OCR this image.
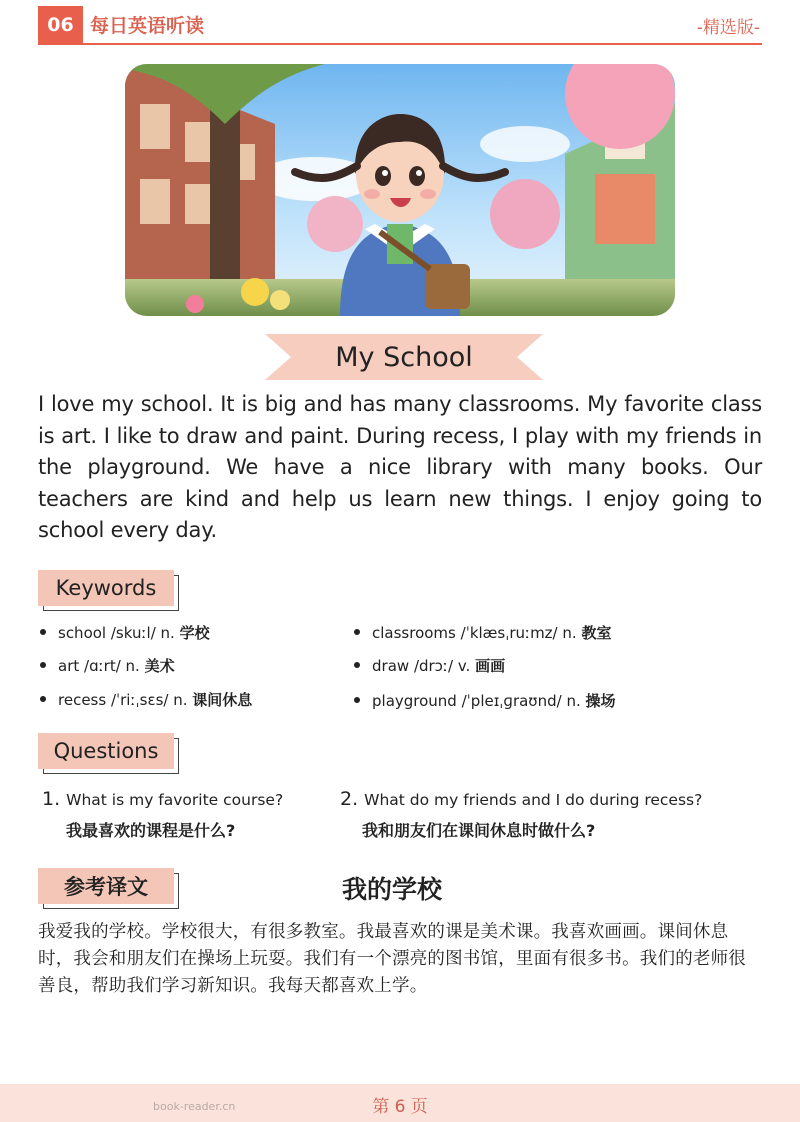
06 每日英语听读	-精选版-
My School
I love my school. It is big and has many classrooms. My favorite class is art. I like to draw and paint. During recess, I play with my friends in the playground. We have a nice library with many books. Our teachers are kind and help us learn new things. I enjoy going to school every day.
Keywords
school /skuːl/ n. 学校	classrooms /ˈklæsˌruːmz/ n. 教室
art /ɑːrt/ n. 美术	draw /drɔː/ v. 画画
recess /ˈriːˌsɛs/ n. 课间休息	playground /ˈpleɪˌɡraʊnd/ n. 操场
Questions
1. What is my favorite course?
我最喜欢的课程是什么?
2. What do my friends and I do during recess?
我和朋友们在课间休息时做什么?
参考译文	我的学校
我爱我的学校。学校很大，有很多教室。我最喜欢的课是美术课。我喜欢画画。课间休息时，我会和朋友们在操场上玩耍。我们有一个漂亮的图书馆，里面有很多书。我们的老师很善良，帮助我们学习新知识。我每天都喜欢上学。
book-reader.cn	第 6 页
